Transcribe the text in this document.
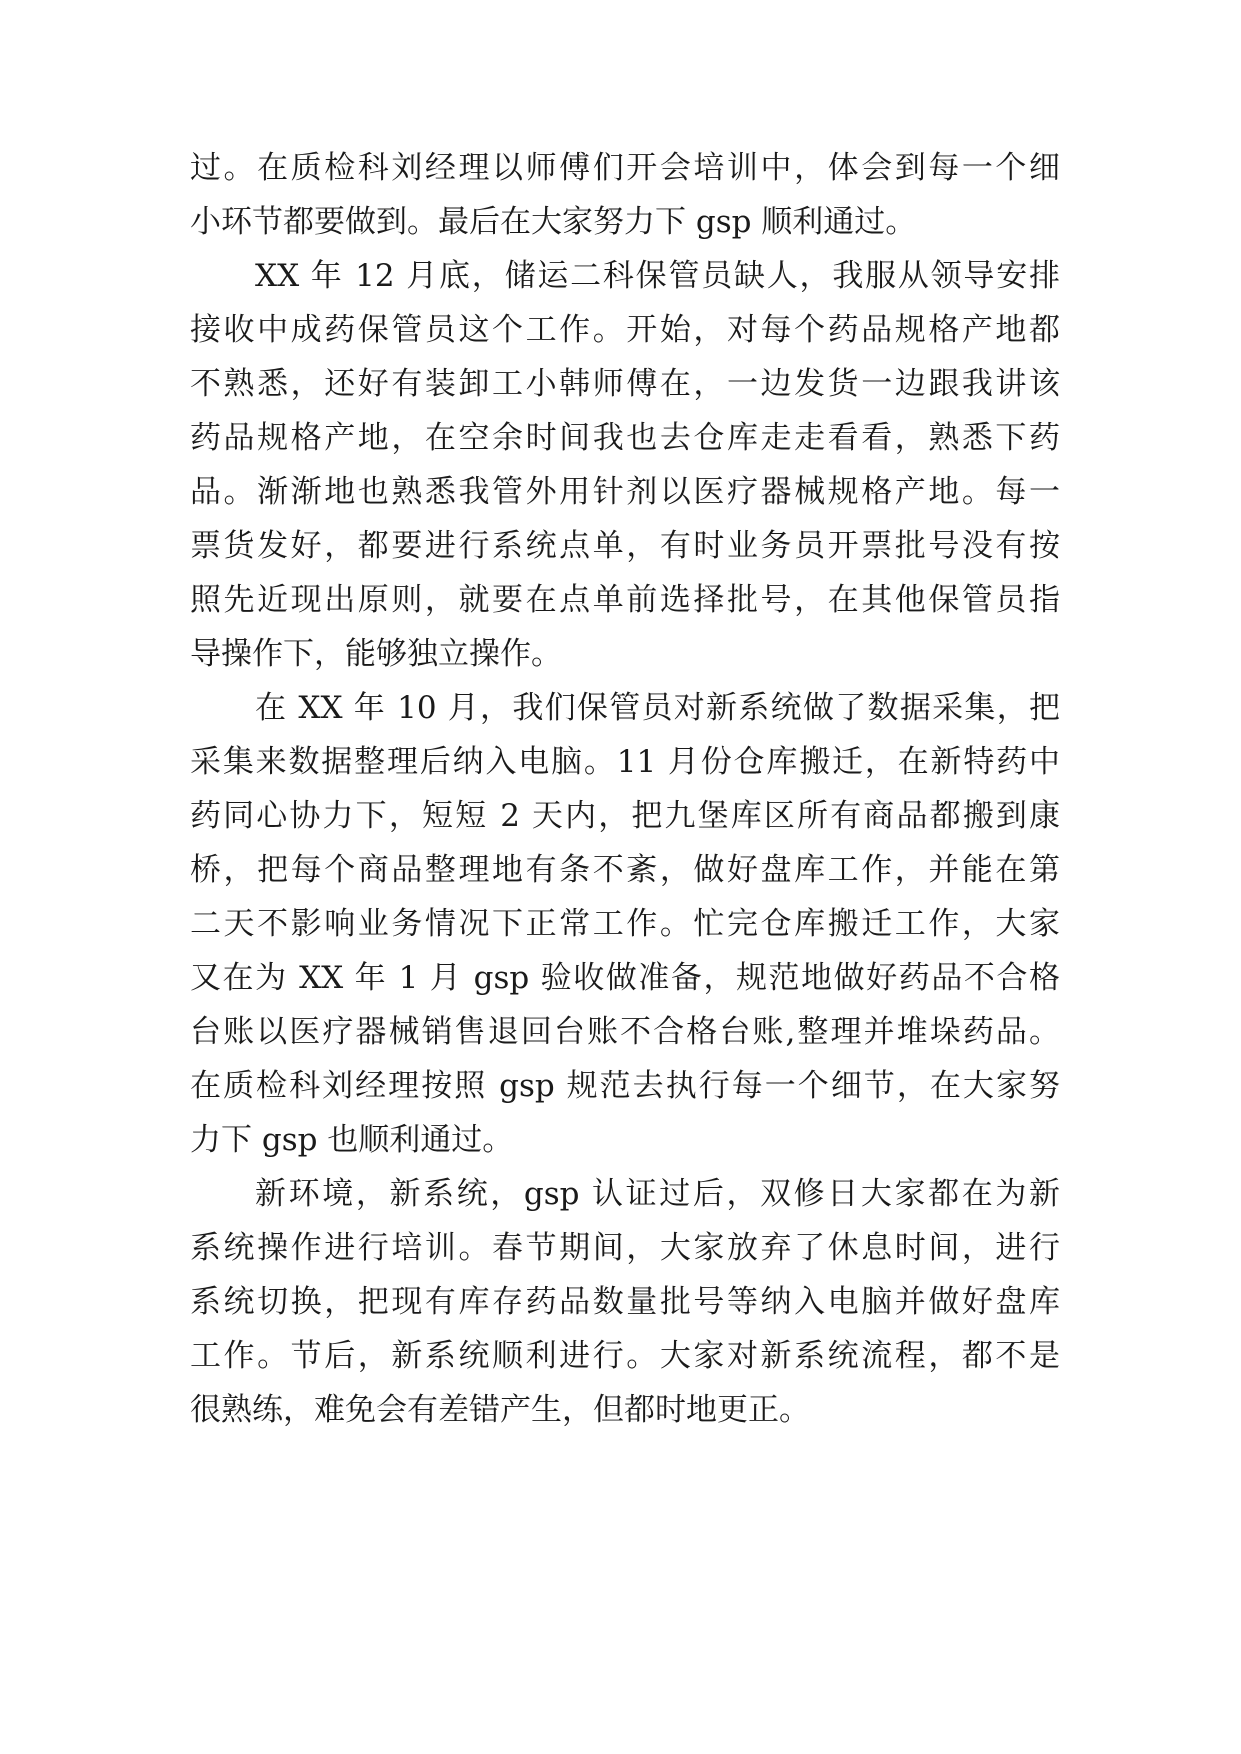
过。在质检科刘经理以师傅们开会培训中，体会到每一个细
小环节都要做到。最后在大家努力下 gsp 顺利通过。
XX 年 12 月底，储运二科保管员缺人，我服从领导安排
接收中成药保管员这个工作。开始，对每个药品规格产地都
不熟悉，还好有装卸工小韩师傅在，一边发货一边跟我讲该
药品规格产地，在空余时间我也去仓库走走看看，熟悉下药
品。渐渐地也熟悉我管外用针剂以医疗器械规格产地。每一
票货发好，都要进行系统点单，有时业务员开票批号没有按
照先近现出原则，就要在点单前选择批号，在其他保管员指
导操作下，能够独立操作。
在 XX 年 10 月，我们保管员对新系统做了数据采集，把
采集来数据整理后纳入电脑。11 月份仓库搬迁，在新特药中
药同心协力下，短短 2 天内，把九堡库区所有商品都搬到康
桥，把每个商品整理地有条不紊，做好盘库工作，并能在第
二天不影响业务情况下正常工作。忙完仓库搬迁工作，大家
又在为 XX 年 1 月 gsp 验收做准备，规范地做好药品不合格
台账以医疗器械销售退回台账不合格台账,整理并堆垛药品。
在质检科刘经理按照 gsp 规范去执行每一个细节，在大家努
力下 gsp 也顺利通过。
新环境，新系统，gsp 认证过后，双修日大家都在为新
系统操作进行培训。春节期间，大家放弃了休息时间，进行
系统切换，把现有库存药品数量批号等纳入电脑并做好盘库
工作。节后，新系统顺利进行。大家对新系统流程，都不是
很熟练，难免会有差错产生，但都时地更正。
